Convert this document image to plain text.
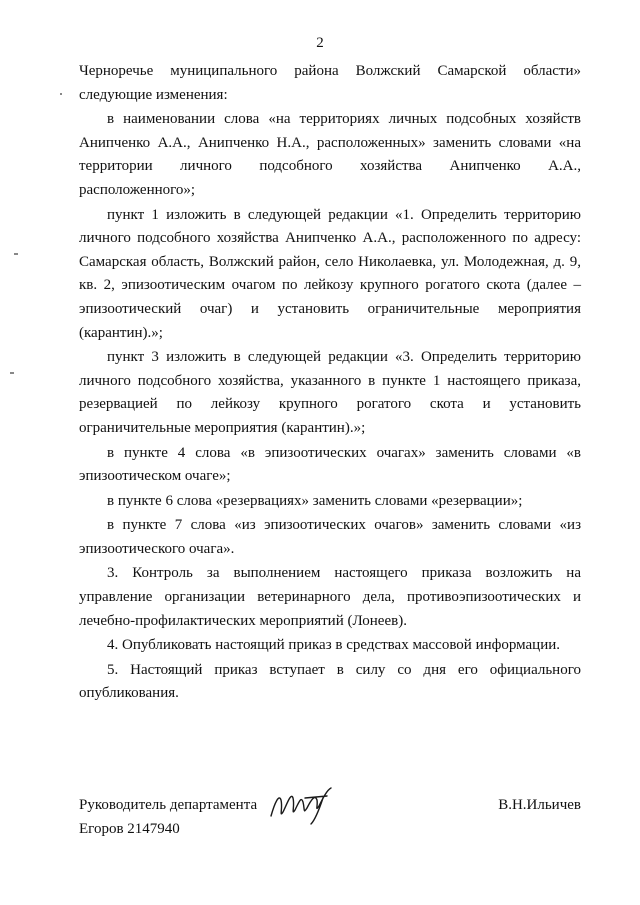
2

Черноречье муниципального района Волжский Самарской области» следующие изменения:

в наименовании слова «на территориях личных подсобных хозяйств Анипченко А.А., Анипченко Н.А., расположенных» заменить словами «на территории личного подсобного хозяйства Анипченко А.А., расположенного»;

пункт 1 изложить в следующей редакции «1. Определить территорию личного подсобного хозяйства Анипченко А.А., расположенного по адресу: Самарская область, Волжский район, село Николаевка, ул. Молодежная, д. 9, кв. 2, эпизоотическим очагом по лейкозу крупного рогатого скота (далее – эпизоотический очаг) и установить ограничительные мероприятия (карантин).»;

пункт 3 изложить в следующей редакции «3. Определить территорию личного подсобного хозяйства, указанного в пункте 1 настоящего приказа, резервацией по лейкозу крупного рогатого скота и установить ограничительные мероприятия (карантин).»;

в пункте 4 слова «в эпизоотических очагах» заменить словами «в эпизоотическом очаге»;

в пункте 6 слова «резервациях» заменить словами «резервации»;

в пункте 7 слова «из эпизоотических очагов» заменить словами «из эпизоотического очага».

3. Контроль за выполнением настоящего приказа возложить на управление организации ветеринарного дела, противоэпизоотических и лечебно-профилактических мероприятий (Лонеев).

4. Опубликовать настоящий приказ в средствах массовой информации.

5. Настоящий приказ вступает в силу со дня его официального опубликования.

Руководитель департамента	В.Н.Ильичев
Егоров 2147940
